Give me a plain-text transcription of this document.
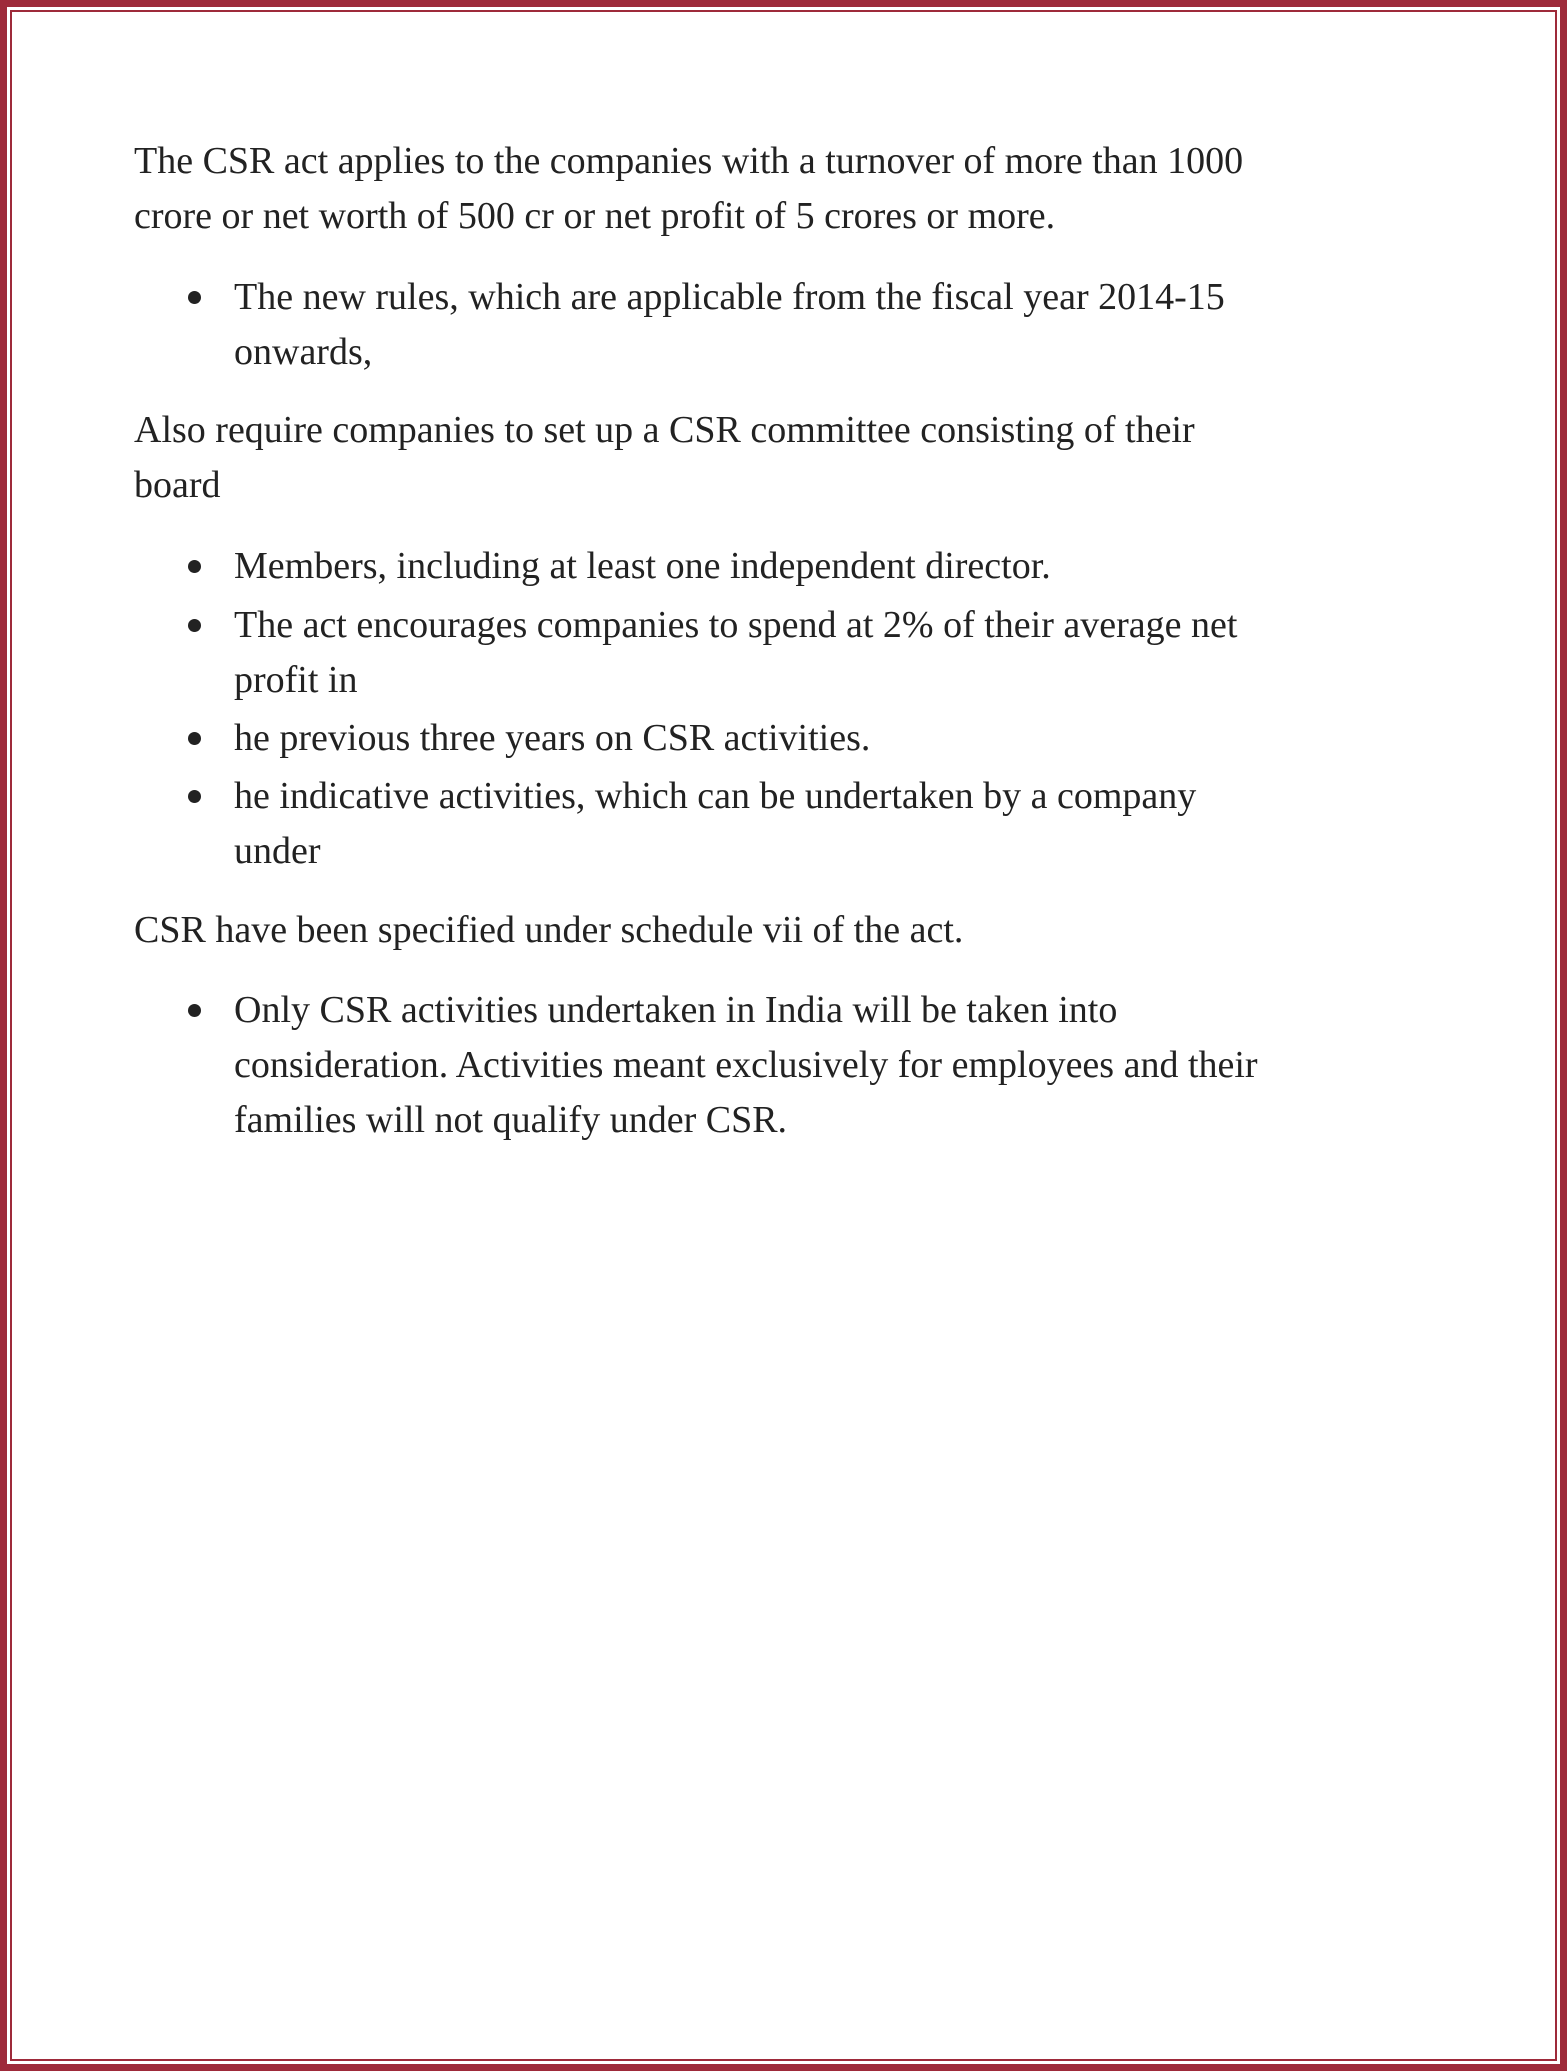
The CSR act applies to the companies with a turnover of more than 1000
crore or net worth of 500 cr or net profit of 5 crores or more.
The new rules, which are applicable from the fiscal year 2014-15
onwards,
Also require companies to set up a CSR committee consisting of their
board
Members, including at least one independent director.
The act encourages companies to spend at 2% of their average net
profit in
he previous three years on CSR activities.
he indicative activities, which can be undertaken by a company
under
CSR have been specified under schedule vii of the act.
Only CSR activities undertaken in India will be taken into
consideration. Activities meant exclusively for employees and their
families will not qualify under CSR.
